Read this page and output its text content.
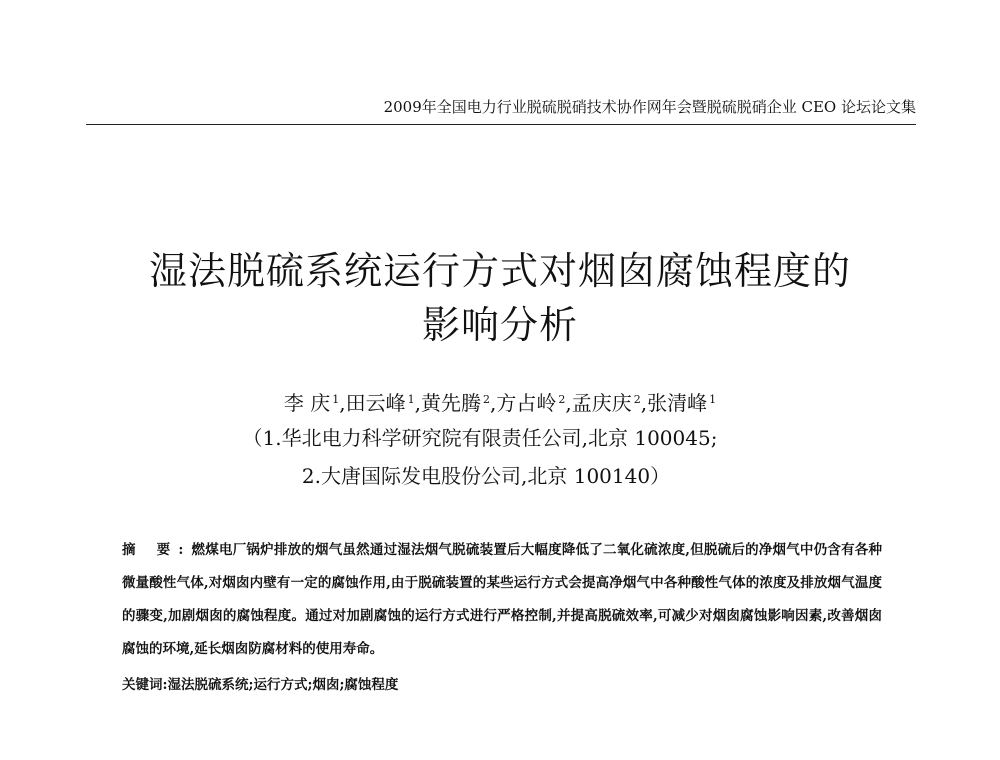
2009年全国电力行业脱硫脱硝技术协作网年会暨脱硫脱硝企业 CEO 论坛论文集
湿法脱硫系统运行方式对烟囱腐蚀程度的
影响分析
李 庆 $^1$,田云峰 $^1$,黄先腾 $^2$,方占岭 $^2$,孟庆庆 $^2$,张清峰 $^1$
（1.华北电力科学研究院有限责任公司,北京 100045;
2.大唐国际发电股份公司,北京 100140）
摘 要:燃煤电厂锅炉排放的烟气虽然通过湿法烟气脱硫装置后大幅度降低了二氧化硫浓度,但脱硫后的净烟气中仍含有各种微量酸性气体,对烟囱内壁有一定的腐蚀作用,由于脱硫装置的某些运行方式会提高净烟气中各种酸性气体的浓度及排放烟气温度的骤变,加剧烟囱的腐蚀程度。通过对加剧腐蚀的运行方式进行严格控制,并提高脱硫效率,可减少对烟囱腐蚀影响因素,改善烟囱腐蚀的环境,延长烟囱防腐材料的使用寿命。
关键词:湿法脱硫系统;运行方式;烟囱;腐蚀程度
